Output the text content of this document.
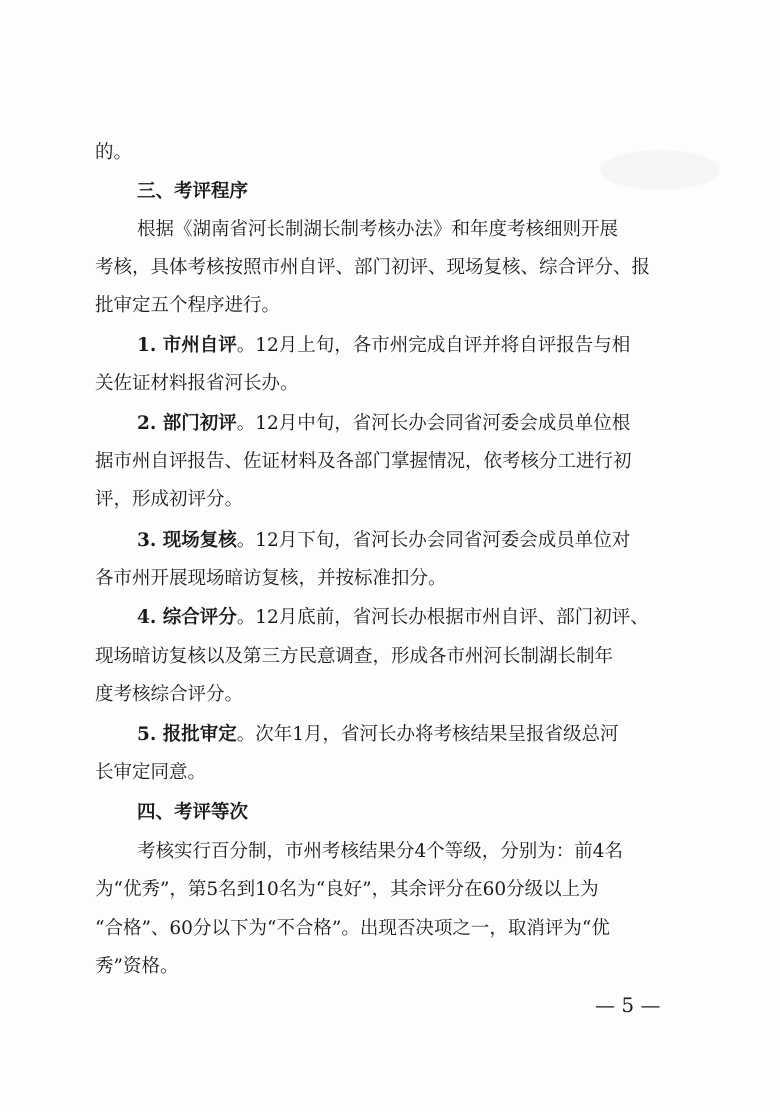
的。
三、考评程序
根据《湖南省河长制湖长制考核办法》和年度考核细则开展
考核，具体考核按照市州自评、部门初评、现场复核、综合评分、报
批审定五个程序进行。
1. 市州自评。12月上旬，各市州完成自评并将自评报告与相
关佐证材料报省河长办。
2. 部门初评。12月中旬，省河长办会同省河委会成员单位根
据市州自评报告、佐证材料及各部门掌握情况，依考核分工进行初
评，形成初评分。
3. 现场复核。12月下旬，省河长办会同省河委会成员单位对
各市州开展现场暗访复核，并按标准扣分。
4. 综合评分。12月底前，省河长办根据市州自评、部门初评、
现场暗访复核以及第三方民意调查，形成各市州河长制湖长制年
度考核综合评分。
5. 报批审定。次年1月，省河长办将考核结果呈报省级总河
长审定同意。
四、考评等次
考核实行百分制，市州考核结果分4个等级，分别为：前4名
为“优秀”，第5名到10名为“良好”，其余评分在60分级以上为
“合格”、60分以下为“不合格”。出现否决项之一，取消评为“优
秀”资格。
— 5 —
